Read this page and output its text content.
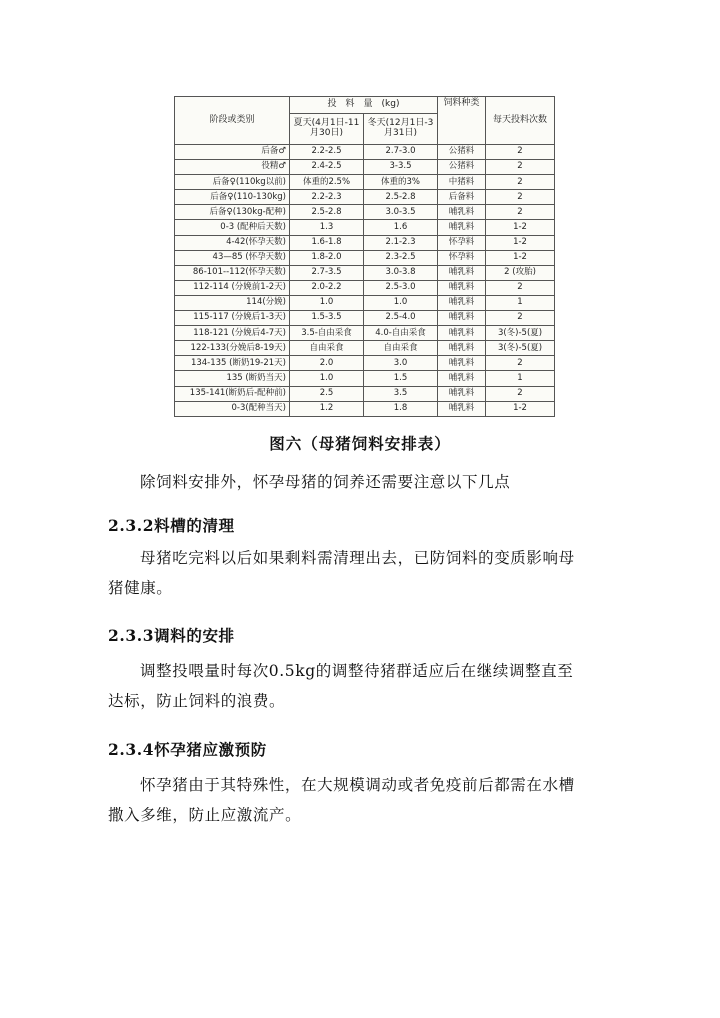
阶段或类别	投　料　量　(kg)		饲料种类	每天投料次数
	夏天(4月1日-11月30日)	冬天(12月1日-3月31日)		
后备♂	2.2-2.5	2.7-3.0	公猪料	2
役精♂	2.4-2.5	3-3.5	公猪料	2
后备♀(110kg以前)	体重的2.5%	体重的3%	中猪料	2
后备♀(110-130kg)	2.2-2.3	2.5-2.8	后备料	2
后备♀(130kg-配种)	2.5-2.8	3.0-3.5	哺乳料	2
0-3 (配种后天数)	1.3	1.6	哺乳料	1-2
4-42(怀孕天数)	1.6-1.8	2.1-2.3	怀孕料	1-2
43—85 (怀孕天数)	1.8-2.0	2.3-2.5	怀孕料	1-2
86-101--112(怀孕天数)	2.7-3.5	3.0-3.8	哺乳料	2 (攻胎)
112-114 (分娩前1-2天)	2.0-2.2	2.5-3.0	哺乳料	2
114(分娩)	1.0	1.0	哺乳料	1
115-117 (分娩后1-3天)	1.5-3.5	2.5-4.0	哺乳料	2
118-121 (分娩后4-7天)	3.5-自由采食	4.0-自由采食	哺乳料	3(冬)-5(夏)
122-133(分娩后8-19天)	自由采食	自由采食	哺乳料	3(冬)-5(夏)
134-135 (断奶19-21天)	2.0	3.0	哺乳料	2
135 (断奶当天)	1.0	1.5	哺乳料	1
135-141(断奶后-配种前)	2.5	3.5	哺乳料	2
0-3(配种当天)	1.2	1.8	哺乳料	1-2
图六（母猪饲料安排表）
除饲料安排外，怀孕母猪的饲养还需要注意以下几点
2.3.2料槽的清理
母猪吃完料以后如果剩料需清理出去，已防饲料的变质影响母
猪健康。
2.3.3调料的安排
调整投喂量时每次0.5kg的调整待猪群适应后在继续调整直至
达标，防止饲料的浪费。
2.3.4怀孕猪应激预防
怀孕猪由于其特殊性，在大规模调动或者免疫前后都需在水槽
撒入多维，防止应激流产。
